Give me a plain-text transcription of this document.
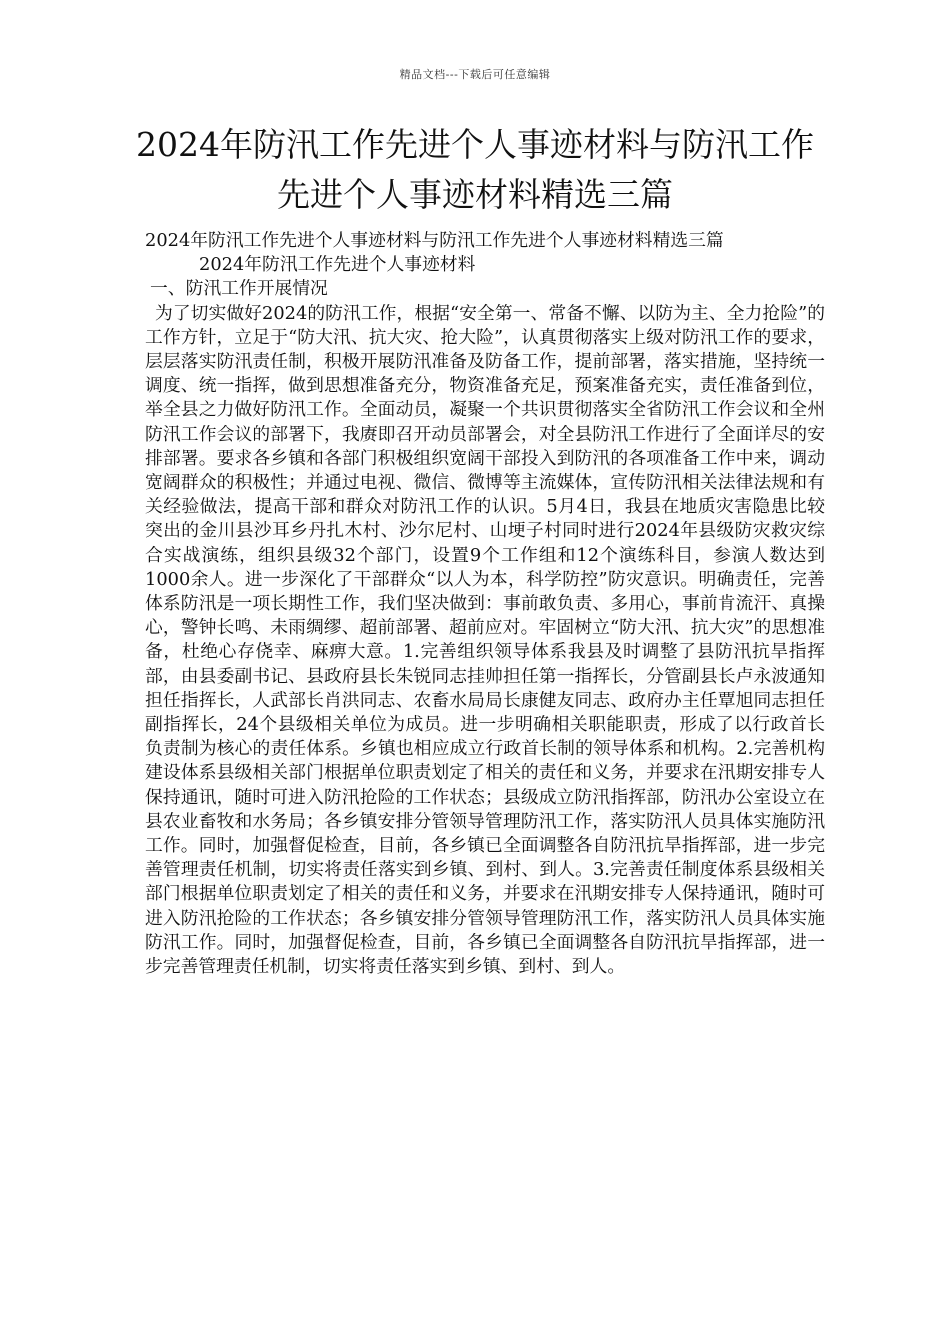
精品文档---下载后可任意编辑
2024年防汛工作先进个人事迹材料与防汛工作先进个人事迹材料精选三篇

2024年防汛工作先进个人事迹材料与防汛工作先进个人事迹材料精选三篇

2024年防汛工作先进个人事迹材料

一、防汛工作开展情况

为了切实做好2024的防汛工作，根据“安全第一、常备不懈、以防为主、全力抢险”的工作方针，立足于“防大汛、抗大灾、抢大险”，认真贯彻落实上级对防汛工作的要求，层层落实防汛责任制，积极开展防汛准备及防备工作，提前部署，落实措施，坚持统一调度、统一指挥，做到思想准备充分，物资准备充足，预案准备充实，责任准备到位，举全县之力做好防汛工作。全面动员，凝聚一个共识贯彻落实全省防汛工作会议和全州防汛工作会议的部署下，我赓即召开动员部署会，对全县防汛工作进行了全面详尽的安排部署。要求各乡镇和各部门积极组织宽阔干部投入到防汛的各项准备工作中来，调动宽阔群众的积极性；并通过电视、微信、微博等主流媒体，宣传防汛相关法律法规和有关经验做法，提高干部和群众对防汛工作的认识。5月4日，我县在地质灾害隐患比较突出的金川县沙耳乡丹扎木村、沙尔尼村、山埂子村同时进行2024年县级防灾救灾综合实战演练，组织县级32个部门，设置9个工作组和12个演练科目，参演人数达到1000余人。进一步深化了干部群众“以人为本，科学防控”防灾意识。明确责任，完善体系防汛是一项长期性工作，我们坚决做到：事前敢负责、多用心，事前肯流汗、真操心，警钟长鸣、未雨绸缪、超前部署、超前应对。牢固树立“防大汛、抗大灾”的思想准备，杜绝心存侥幸、麻痹大意。1.完善组织领导体系我县及时调整了县防汛抗旱指挥部，由县委副书记、县政府县长朱锐同志挂帅担任第一指挥长，分管副县长卢永波通知担任指挥长，人武部长肖洪同志、农畜水局局长康健友同志、政府办主任覃旭同志担任副指挥长，24个县级相关单位为成员。进一步明确相关职能职责，形成了以行政首长负责制为核心的责任体系。乡镇也相应成立行政首长制的领导体系和机构。2.完善机构建设体系县级相关部门根据单位职责划定了相关的责任和义务，并要求在汛期安排专人保持通讯，随时可进入防汛抢险的工作状态；县级成立防汛指挥部，防汛办公室设立在县农业畜牧和水务局；各乡镇安排分管领导管理防汛工作，落实防汛人员具体实施防汛工作。同时，加强督促检查，目前，各乡镇已全面调整各自防汛抗旱指挥部，进一步完善管理责任机制，切实将责任落实到乡镇、到村、到人。3.完善责任制度体系县级相关部门根据单位职责划定了相关的责任和义务，并要求在汛期安排专人保持通讯，随时可进入防汛抢险的工作状态；各乡镇安排分管领导管理防汛工作，落实防汛人员具体实施防汛工作。同时，加强督促检查，目前，各乡镇已全面调整各自防汛抗旱指挥部，进一步完善管理责任机制，切实将责任落实到乡镇、到村、到人。
